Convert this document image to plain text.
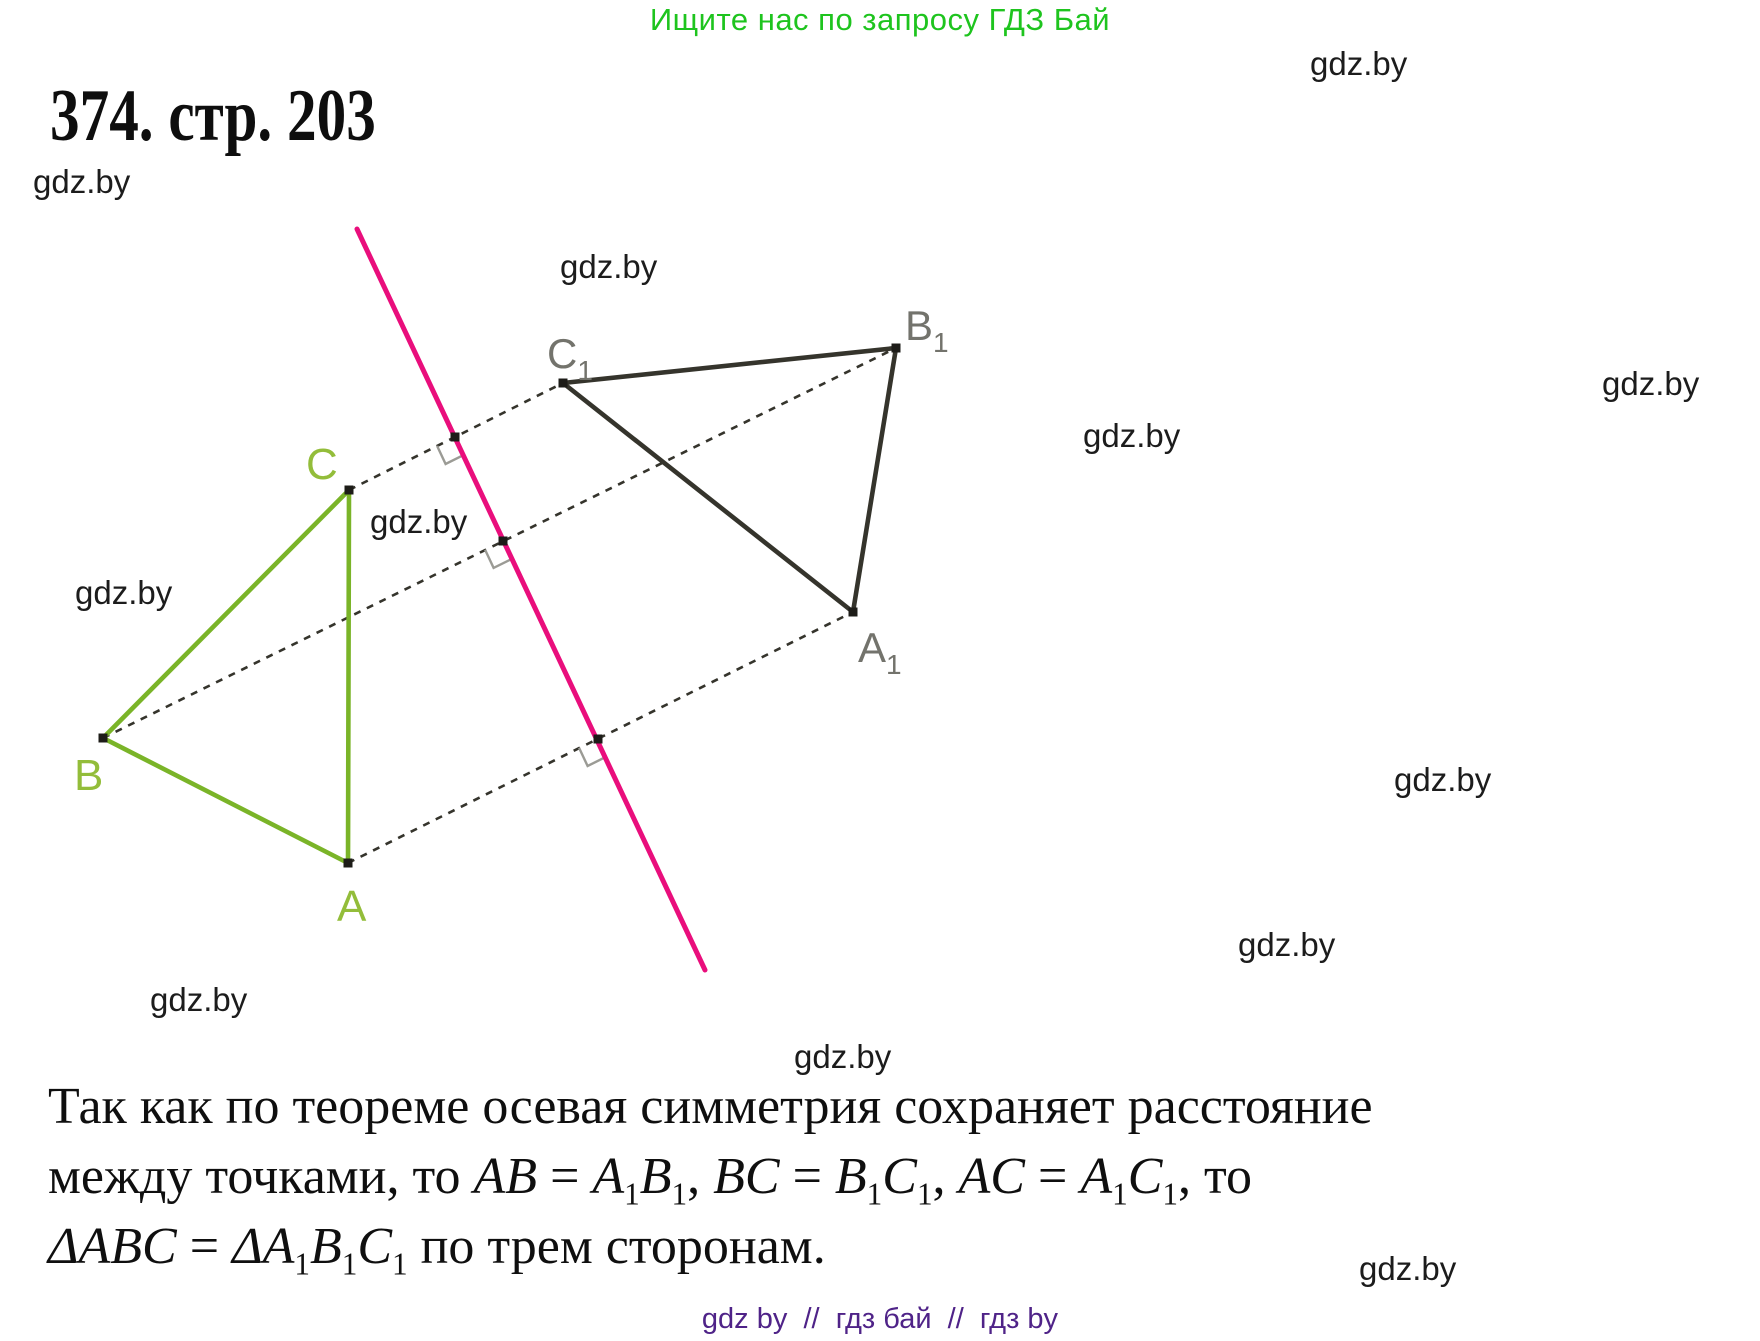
Ищите нас по запросу ГДЗ Бай
374. стр. 203
gdz.by
gdz.by
gdz.by
gdz.by
gdz.by
gdz.by
gdz.by
gdz.by
gdz.by
gdz.by
gdz.by
gdz.by
A
B
C
$A_1$
$B_1$
$C_1$
Так как по теореме осевая симметрия сохраняет расстояние
между точками, то AB = $A_1B_1$, BC = $B_1C_1$, AC = $A_1C_1$, то
$\Delta ABC = \Delta A_1B_1C_1$ по трем сторонам.
gdz by  //  гдз бай  //  гдз by
